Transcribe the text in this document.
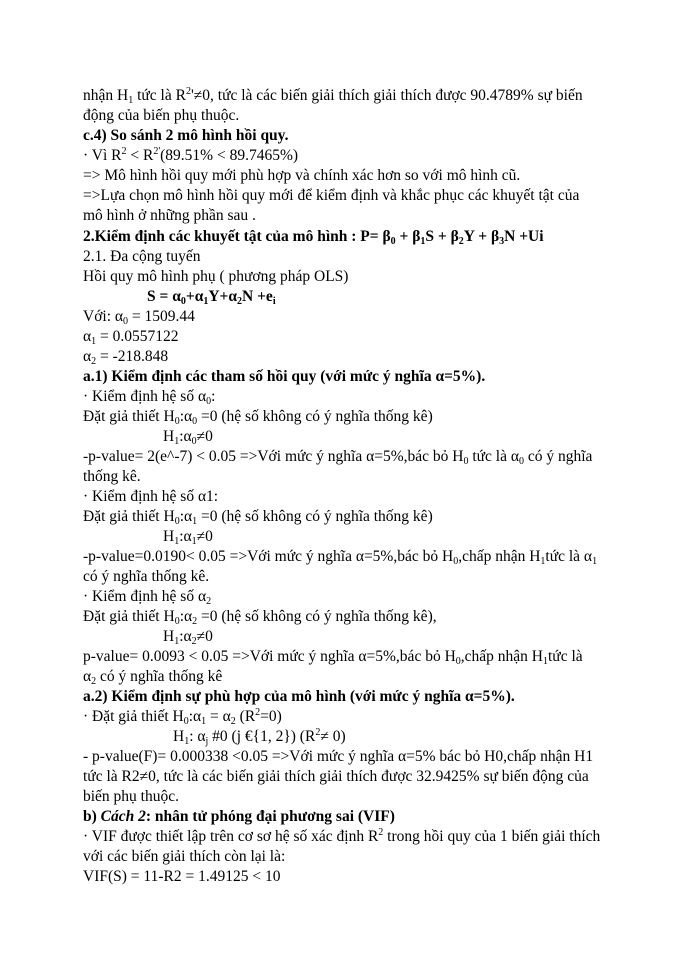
nhận $H_1$ tức là $R^2'\ne 0$, tức là các biến giải thích giải thích được 90.4789% sự biến
động của biến phụ thuộc.
c.4) So sánh 2 mô hình hồi quy.
· Vì $R^2 < R^{2'}(89.51\% < 89.7465\%)$
=> Mô hình hồi quy mới phù hợp và chính xác hơn so với mô hình cũ.
=>Lựa chọn mô hình hồi quy mới để kiểm định và khắc phục các khuyết tật của
mô hình ở những phần sau .
2.Kiểm định các khuyết tật của mô hình : $P= \beta_0 + \beta_1S + \beta_2Y + \beta_3N +Ui$
2.1. Đa cộng tuyến
Hồi quy mô hình phụ ( phương pháp OLS)
$S = \alpha_0+\alpha_1Y+\alpha_2N +e_i$
Với: $\alpha_0 = 1509.44$
$\alpha_1 = 0.0557122$
$\alpha_2 = -218.848$
a.1) Kiểm định các tham số hồi quy (với mức ý nghĩa α=5%).
· Kiểm định hệ số $\alpha_0$:
Đặt giả thiết $H_0:\alpha_0 =0$ (hệ số không có ý nghĩa thống kê)
$H_1:\alpha_0\ne 0$
-p-value= 2(e^-7) < 0.05 =>Với mức ý nghĩa α=5%,bác bỏ $H_0$ tức là $\alpha_0$ có ý nghĩa
thống kê.
· Kiểm định hệ số α1:
Đặt giả thiết $H_0:\alpha_1 =0$ (hệ số không có ý nghĩa thống kê)
$H_1:\alpha_1\ne 0$
-p-value=0.0190< 0.05 =>Với mức ý nghĩa α=5%,bác bỏ $H_0,chấp$ nhận $H_1tức$ là $\alpha_1$
có ý nghĩa thống kê.
· Kiểm định hệ số $\alpha_2$
Đặt giả thiết $H_0:\alpha_2 =0$ (hệ số không có ý nghĩa thống kê),
$H_1:\alpha_2\ne 0$
p-value= 0.0093 < 0.05 =>Với mức ý nghĩa α=5%,bác bỏ $H_0,chấp$ nhận $H_1tức$ là
$\alpha_2$ có ý nghĩa thống kê
a.2) Kiểm định sự phù hợp của mô hình (với mức ý nghĩa α=5%).
· Đặt giả thiết $H_0:\alpha_1 = \alpha_2$ $(R^2=0)$
$H_1$: $\alpha_j$ #0 (j €{1, 2}) $(R^2\ne 0)$
- p-value(F)= 0.000338 <0.05 =>Với mức ý nghĩa α=5% bác bỏ H0,chấp nhận H1
tức là R2≠0, tức là các biến giải thích giải thích được 32.9425% sự biến động của
biến phụ thuộc.
b) Cách 2: nhân tử phóng đại phương sai (VIF)
· VIF được thiết lập trên cơ sơ hệ số xác định $R^2$ trong hồi quy của 1 biến giải thích
với các biến giải thích còn lại là:
VIF(S) = 11-R2 = 1.49125 < 10
